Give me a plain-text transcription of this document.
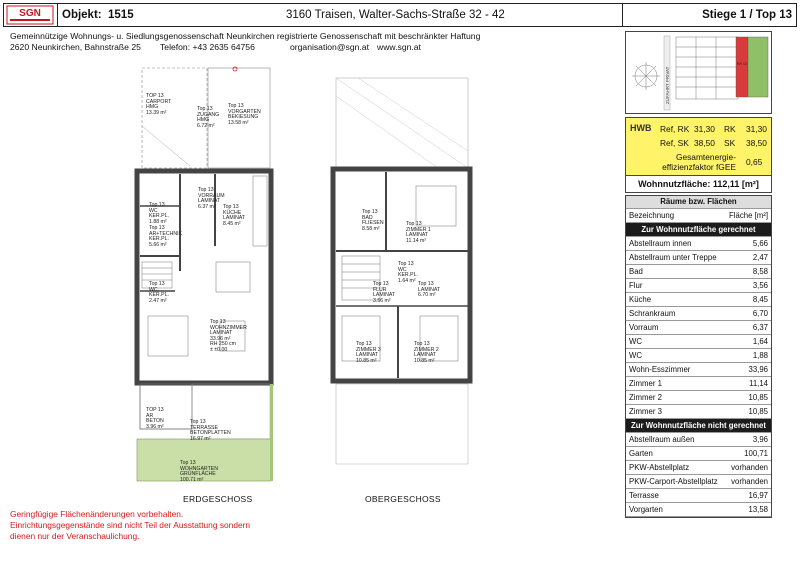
SGN Objekt: 1515	3160 Traisen, Walter-Sachs-Straße 32 - 42	Stiege 1 / Top 13
Gemeinnützige Wohnungs- u. Siedlungsgenossenschaft Neunkirchen registrierte Genossenschaft mit beschränkter Haftung
2620 Neunkirchen, Bahnstraße 25 Telefon: +43 2635 64756	organisation@sgn.at www.sgn.at
TOP 13
CARPORT
HMG
13.39 m²
Top 13
ZUGANG
HMG
6.72 m²
Top 13
VORGARTEN
BEKIESUNG
13.58 m²
Top 13
VORRAUM
LAMINAT
6.37 m²
Top 13
WC
KER.PL.
1.88 m²
Top 13
AR+TECHNIK
KER.PL.
5.66 m²
Top 13
KÜCHE
LAMINAT
8.45 m²
Top 13
WC
KER.PL.
2.47 m²
Top 13
WOHNZIMMER
LAMINAT
33.96 m²
RH 250 cm
± ±0.00
TOP 13
AR
BETON
3.96 m²
Top 13
TERRASSE
BETONPLATTEN
16.97 m²
Top 13
WOHNGARTEN
GRÜNFLÄCHE
100.71 m²
ERDGESCHOSS
Top 13
BAD
FLIESEN
8.58 m²
Top 13
ZIMMER 1
LAMINAT
11.14 m²
Top 13
WC
KER.PL.
1.64 m²
Top 13
FLUR
LAMINAT
3.56 m²
Top 13
LAMINAT
6.70 m²
Top 13
ZIMMER 3
LAMINAT
10.85 m²
Top 13
ZIMMER 2
LAMINAT
10.85 m²
OBERGESCHOSS
ZUFAHRT PRIVAT
RH 13
HWB Ref, RK 31,30 RK 31,30
Ref, SK 38,50 SK 38,50
Gesamtenergie-
effizienzfaktor fGEE 0,65
Wohnnutzfläche: 112,11 [m²]
Räume bzw. Flächen
Bezeichnung	Fläche [m²]
Zur Wohnnutzfläche gerechnet
Abstellraum innen	5,66
Abstellraum unter Treppe	2,47
Bad	8,58
Flur	3,56
Küche	8,45
Schrankraum	6,70
Vorraum	6,37
WC	1,64
WC	1,88
Wohn-Esszimmer	33,96
Zimmer 1	11,14
Zimmer 2	10,85
Zimmer 3	10,85
Zur Wohnnutzfläche nicht gerechnet
Abstellraum außen	3,96
Garten	100,71
PKW-Abstellplatz	vorhanden
PKW-Carport-Abstellplatz vorhanden
Terrasse	16,97
Vorgarten	13,58
Geringfügige Flächenänderungen vorbehalten.
Einrichtungsgegenstände sind nicht Teil der Ausstattung sondern
dienen nur der Veranschaulichung.
